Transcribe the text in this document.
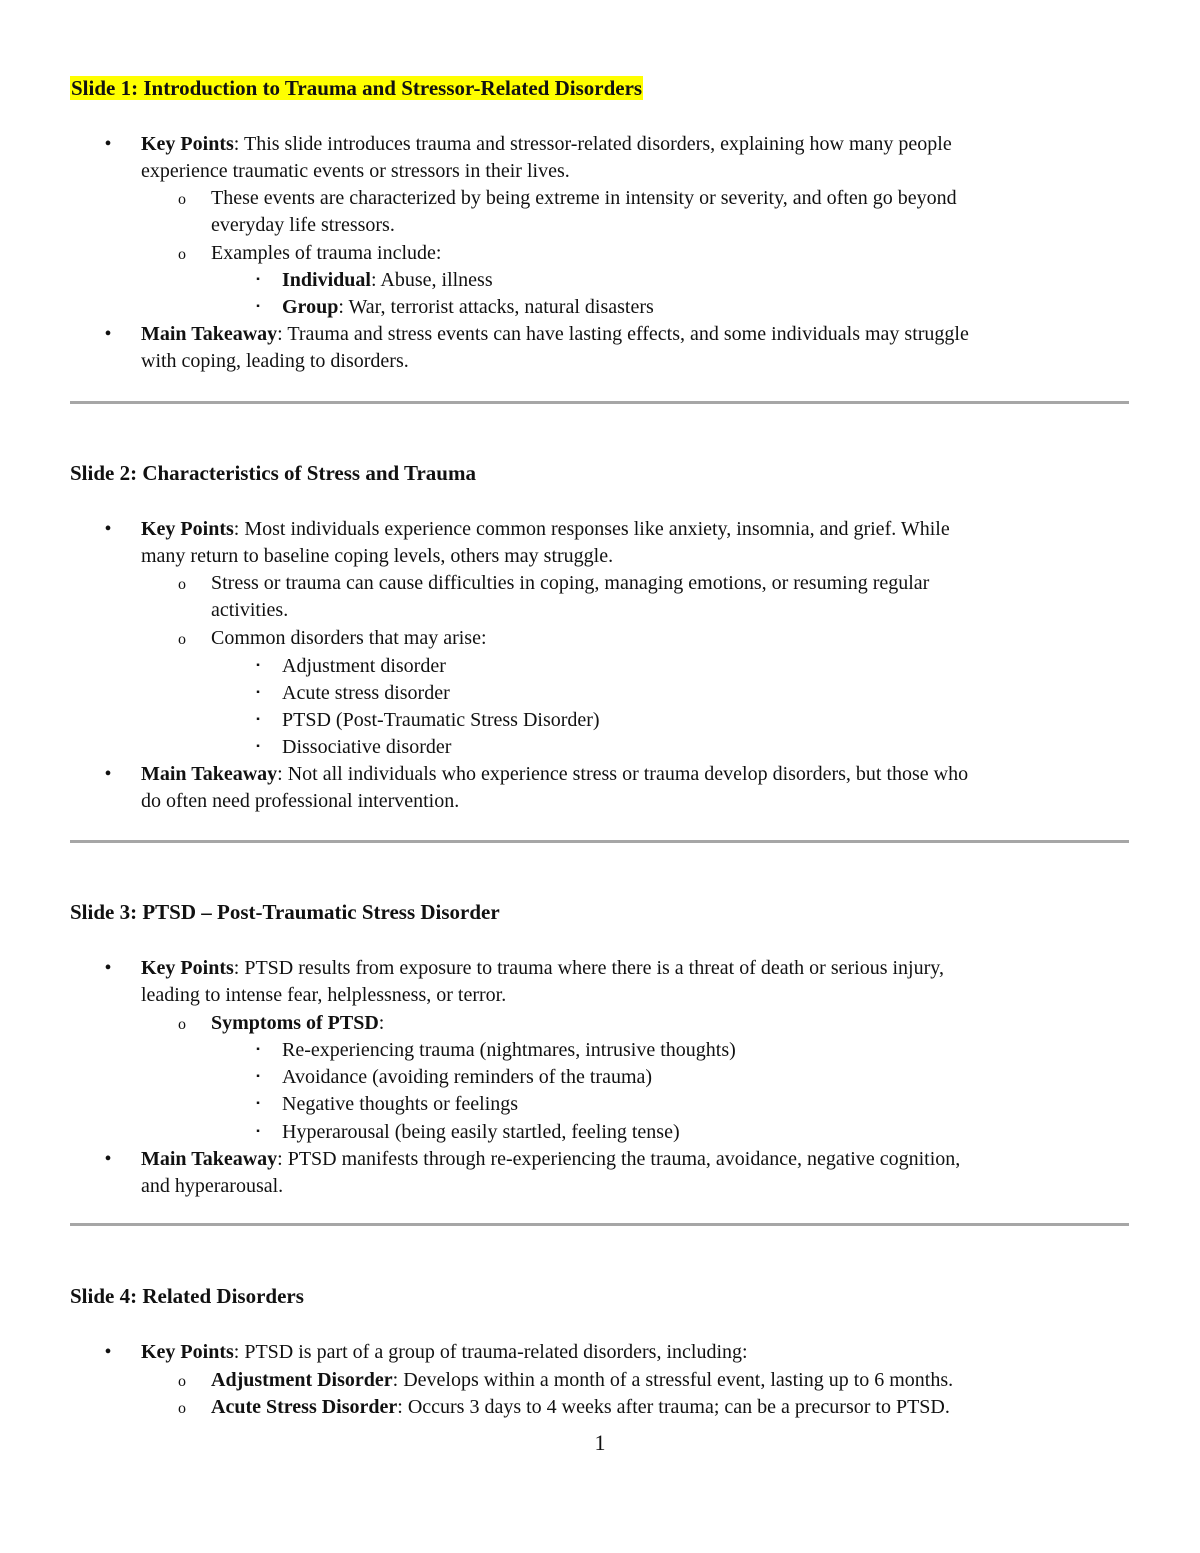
Slide 1: Introduction to Trauma and Stressor-Related Disorders
•	Key Points: This slide introduces trauma and stressor-related disorders, explaining how many people
experience traumatic events or stressors in their lives.
o	These events are characterized by being extreme in intensity or severity, and often go beyond
everyday life stressors.
o	Examples of trauma include:
▪	Individual: Abuse, illness
▪	Group: War, terrorist attacks, natural disasters
•	Main Takeaway: Trauma and stress events can have lasting effects, and some individuals may struggle
with coping, leading to disorders.
Slide 2: Characteristics of Stress and Trauma
•	Key Points: Most individuals experience common responses like anxiety, insomnia, and grief. While
many return to baseline coping levels, others may struggle.
o	Stress or trauma can cause difficulties in coping, managing emotions, or resuming regular
activities.
o	Common disorders that may arise:
▪	Adjustment disorder
▪	Acute stress disorder
▪	PTSD (Post-Traumatic Stress Disorder)
▪	Dissociative disorder
•	Main Takeaway: Not all individuals who experience stress or trauma develop disorders, but those who
do often need professional intervention.
Slide 3: PTSD – Post-Traumatic Stress Disorder
•	Key Points: PTSD results from exposure to trauma where there is a threat of death or serious injury,
leading to intense fear, helplessness, or terror.
o	Symptoms of PTSD:
▪	Re-experiencing trauma (nightmares, intrusive thoughts)
▪	Avoidance (avoiding reminders of the trauma)
▪	Negative thoughts or feelings
▪	Hyperarousal (being easily startled, feeling tense)
•	Main Takeaway: PTSD manifests through re-experiencing the trauma, avoidance, negative cognition,
and hyperarousal.
Slide 4: Related Disorders
•	Key Points: PTSD is part of a group of trauma-related disorders, including:
o	Adjustment Disorder: Develops within a month of a stressful event, lasting up to 6 months.
o	Acute Stress Disorder: Occurs 3 days to 4 weeks after trauma; can be a precursor to PTSD.
1
